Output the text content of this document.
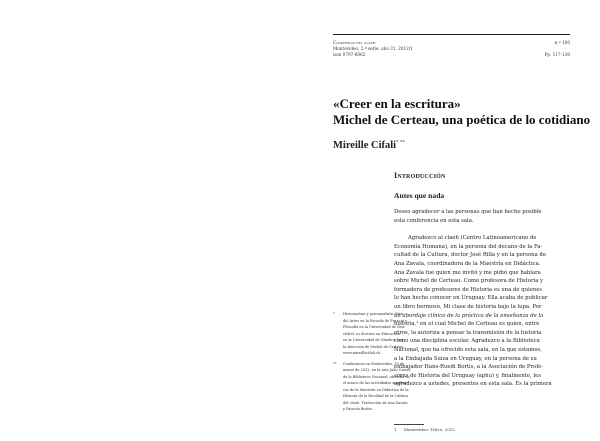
Cuadernos del claeh	n.º 100
Montevideo, 2.ª serie, año 31, 2012/1
issn 0797-6062	Pp. 117-130
«Creer en la escritura»
Michel de Certeau, una poética de lo cotidiano
Mireille Cifali* **
Introducción
Antes que nada
Deseo agradecer a las personas que han hecho posible
esta conferencia en esta sala.
Agradezco al claeh (Centro Latinoamericano de
Economía Humana), en la persona del decano de la Fa-
cultad de la Cultura, doctor José Rilla y en la persona de
Ana Zavala, coordinadora de la Maestría en Didáctica.
Ana Zavala fue quien me invitó y me pidió que hablara
sobre Michel de Certeau. Como profesora de Historia y
formadora de profesores de Historia es una de quienes
lo han hecho conocer en Uruguay. Ella acaba de publicar
un libro hermoso, Mi clase de historia bajo la lupa. Por
un abordaje clínico de la práctica de la enseñanza de la
historia,¹ en el cual Michel de Certeau es quien, entre
otros, la autoriza a pensar la transmisión de la historia
como una disciplina escolar. Agradezco a la Biblioteca
Nacional, que ha ofrecido esta sala, en la que estamos,
a la Embajada Suiza en Uruguay, en la persona de su
embajador Hans-Ruedi Bortis, a la Asociación de Profe-
sores de Historia del Uruguay (aphu) y, finalmente, les
agradezco a ustedes, presentes en esta sala. Es la primera
1 Montevideo: Trilce, 2012.
* Historiadora y psicoanalista. Estu-
dió Artes en la Escuela de Francia y
Filosofía en la Universidad de Neu-
châtel, es doctora en Educación
en la Universidad de Ginebra, hoy
la dirección de Michel de Certeau.
www.mireillecifali.ch
** Conferencia en Montevideo, 30 de
marzo de 2012, en la sala Julio Castro
de la Biblioteca Nacional, ofrecida en
el marco de las actividades académi-
cas de la Maestría en Didáctica de la
Historia de la Facultad de la Cultura
del claeh. Traducción de Ana Zavala
y Patricia Burbo.
